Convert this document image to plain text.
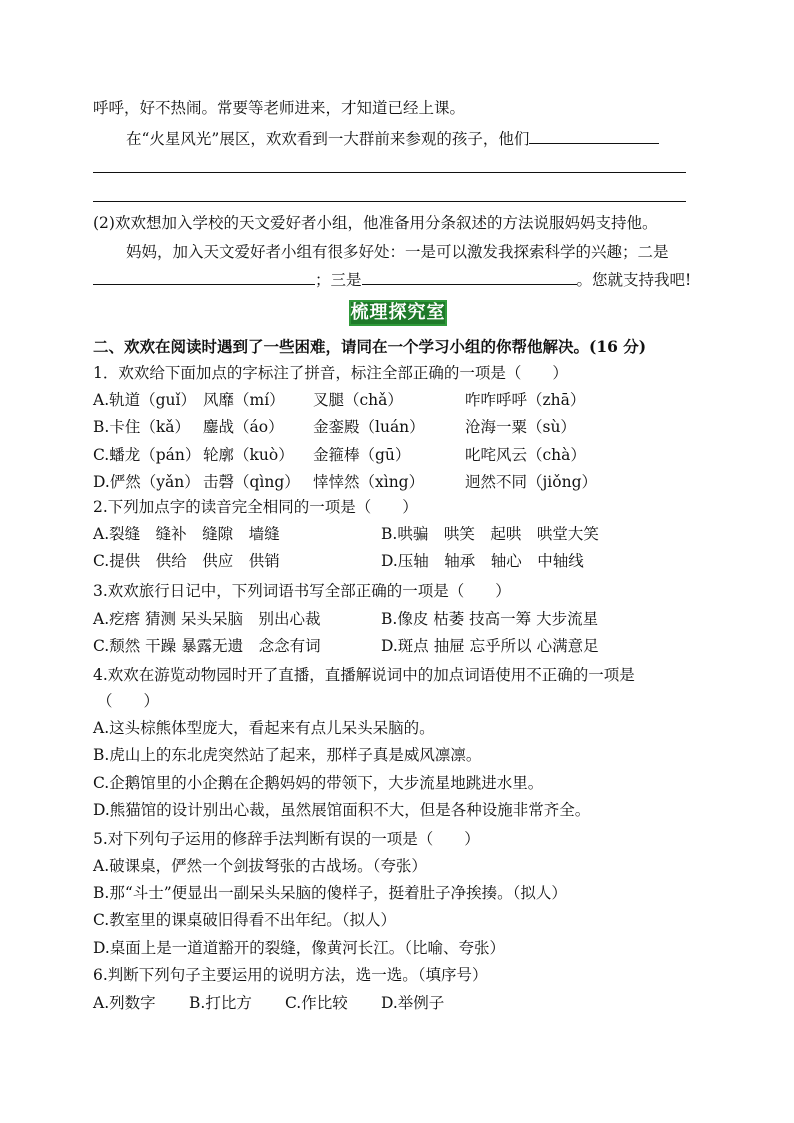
呼呼，好不热闹。常要等老师进来，才知道已经上课。
在“火星风光”展区，欢欢看到一大群前来参观的孩子，他们
(2)欢欢想加入学校的天文爱好者小组，他准备用分条叙述的方法说服妈妈支持他。
妈妈，加入天文爱好者小组有很多好处：一是可以激发我探索科学的兴趣；二是
；三是	。您就支持我吧!
梳理探究室
二、欢欢在阅读时遇到了一些困难，请同在一个学习小组的你帮他解决。(16 分)
1．欢欢给下面加点的字标注了拼音，标注全部正确的一项是（　　）
A.轨道（guǐ） 风靡（mí） 叉腿（chǎ）	咋咋呼呼（zhā）
B.卡住（kǎ） 鏖战（áo） 金銮殿（luán）	沧海一粟（sù）
C.蟠龙（pán） 轮廓（kuò） 金箍棒（gū）	叱咤风云（chà）
D.俨然（yǎn） 击磬（qìng） 悻悻然（xìng）	迥然不同（jiǒng）
2.下列加点字的读音完全相同的一项是（　　）
A.裂缝　缝补　缝隙　墙缝	B.哄骗　哄笑　起哄　哄堂大笑
C.提供　供给　供应　供销	D.压轴　轴承　轴心　中轴线
3.欢欢旅行日记中，下列词语书写全部正确的一项是（　　）
A.疙瘩 猜测 呆头呆脑　别出心裁	B.像皮 枯萎 技高一筹 大步流星
C.颓然 干躁 暴露无遗　念念有词	D.斑点 抽屉 忘乎所以 心满意足
4.欢欢在游览动物园时开了直播，直播解说词中的加点词语使用不正确的一项是
（　　）
A.这头棕熊体型庞大，看起来有点儿呆头呆脑的。
B.虎山上的东北虎突然站了起来，那样子真是威风凛凛。
C.企鹅馆里的小企鹅在企鹅妈妈的带领下，大步流星地跳进水里。
D.熊猫馆的设计别出心裁，虽然展馆面积不大，但是各种设施非常齐全。
5.对下列句子运用的修辞手法判断有误的一项是（　　）
A.破课桌，俨然一个剑拔弩张的古战场。（夸张）
B.那“斗士”便显出一副呆头呆脑的傻样子，挺着肚子净挨揍。（拟人）
C.教室里的课桌破旧得看不出年纪。（拟人）
D.桌面上是一道道豁开的裂缝，像黄河长江。（比喻、夸张）
6.判断下列句子主要运用的说明方法，选一选。（填序号）
A.列数字 B.打比方 C.作比较 D.举例子
